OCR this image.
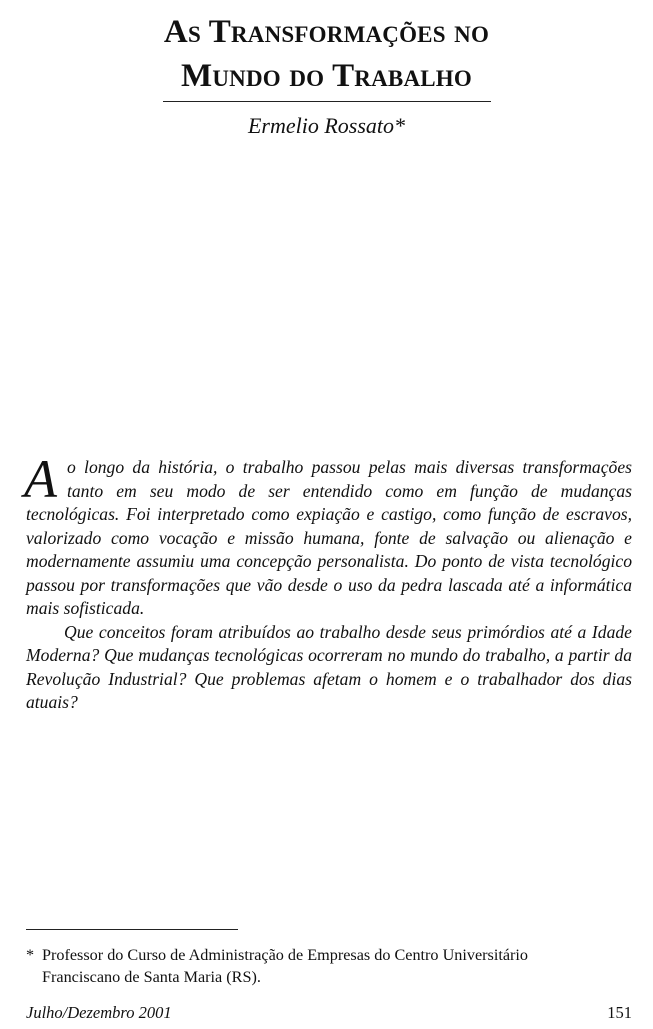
As Transformações no
Mundo do Trabalho
Ermelio Rossato*

Ao longo da história, o trabalho passou pelas mais diversas transformações tanto em seu modo de ser entendido como em função de mudanças tecnológicas. Foi interpretado como expiação e castigo, como função de escravos, valorizado como vocação e missão humana, fonte de salvação ou alienação e modernamente assumiu uma concepção personalista. Do ponto de vista tecnológico passou por transformações que vão desde o uso da pedra lascada até a informática mais sofisticada.

Que conceitos foram atribuídos ao trabalho desde seus primórdios até a Idade Moderna? Que mudanças tecnológicas ocorreram no mundo do trabalho, a partir da Revolução Industrial? Que problemas afetam o homem e o trabalhador dos dias atuais?

* Professor do Curso de Administração de Empresas do Centro Universitário
Franciscano de Santa Maria (RS).
Julho/Dezembro 2001	151
